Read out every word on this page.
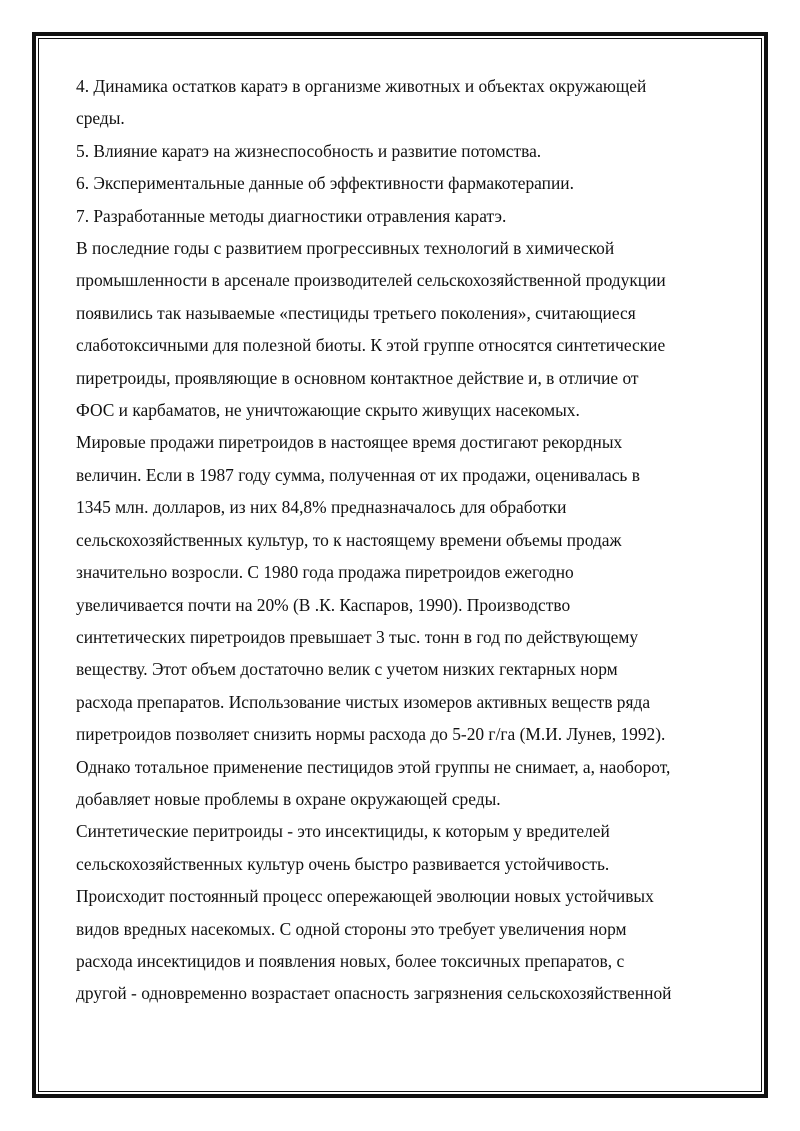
4. Динамика остатков каратэ в организме животных и объектах окружающей
среды.
5. Влияние каратэ на жизнеспособность и развитие потомства.
6. Экспериментальные данные об эффективности фармакотерапии.
7. Разработанные методы диагностики отравления каратэ.
В последние годы с развитием прогрессивных технологий в химической
промышленности в арсенале производителей сельскохозяйственной продукции
появились так называемые «пестициды третьего поколения», считающиеся
слаботоксичными для полезной биоты. К этой группе относятся синтетические
пиретроиды, проявляющие в основном контактное действие и, в отличие от
ФОС и карбаматов, не уничтожающие скрыто живущих насекомых.
Мировые продажи пиретроидов в настоящее время достигают рекордных
величин. Если в 1987 году сумма, полученная от их продажи, оценивалась в
1345 млн. долларов, из них 84,8% предназначалось для обработки
сельскохозяйственных культур, то к настоящему времени объемы продаж
значительно возросли. С 1980 года продажа пиретроидов ежегодно
увеличивается почти на 20% (В .К. Каспаров, 1990). Производство
синтетических пиретроидов превышает 3 тыс. тонн в год по действующему
веществу. Этот объем достаточно велик с учетом низких гектарных норм
расхода препаратов. Использование чистых изомеров активных веществ ряда
пиретроидов позволяет снизить нормы расхода до 5-20 г/га (М.И. Лунев, 1992).
Однако тотальное применение пестицидов этой группы не снимает, а, наоборот,
добавляет новые проблемы в охране окружающей среды.
Синтетические перитроиды - это инсектициды, к которым у вредителей
сельскохозяйственных культур очень быстро развивается устойчивость.
Происходит постоянный процесс опережающей эволюции новых устойчивых
видов вредных насекомых. С одной стороны это требует увеличения норм
расхода инсектицидов и появления новых, более токсичных препаратов, с
другой - одновременно возрастает опасность загрязнения сельскохозяйственной
